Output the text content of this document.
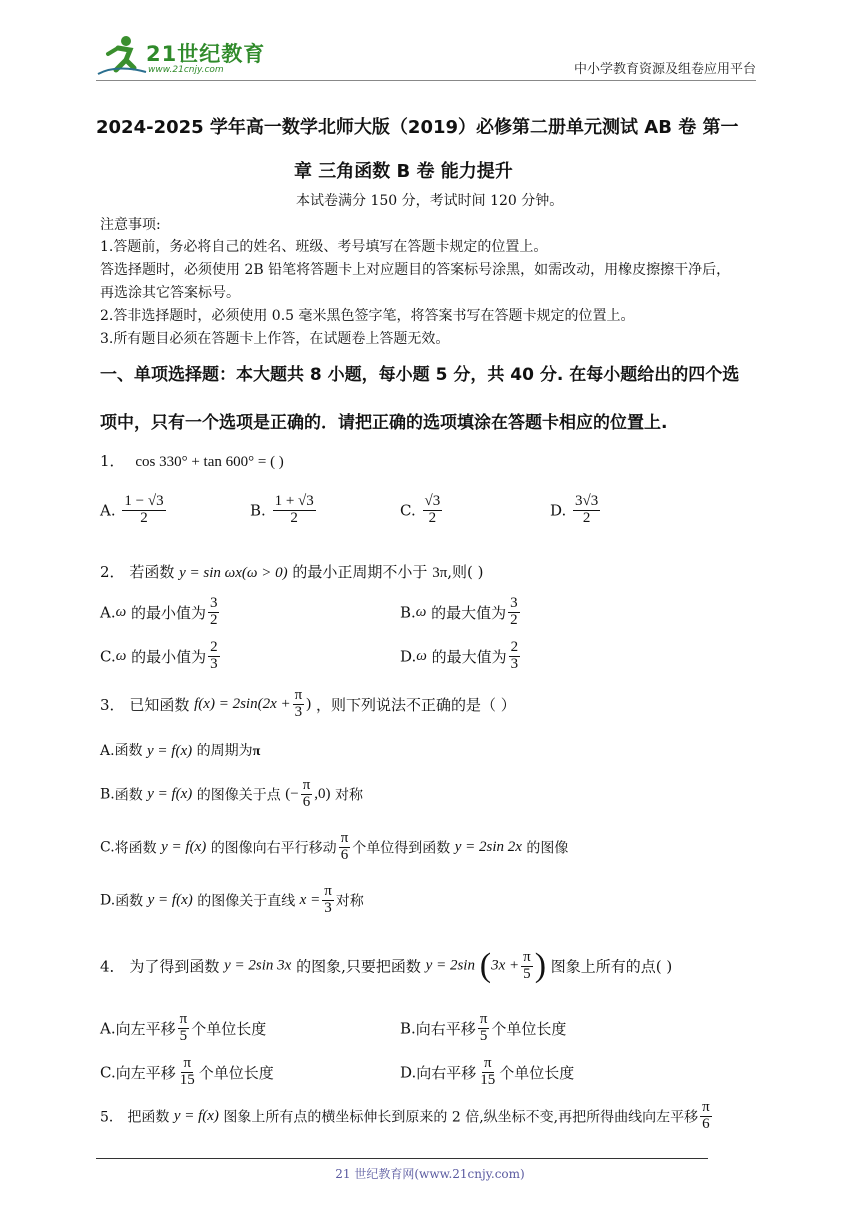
21世纪教育
www.21cnjy.com	中小学教育资源及组卷应用平台
2024-2025 学年高一数学北师大版（2019）必修第二册单元测试 AB 卷 第一
章 三角函数 B 卷 能力提升
本试卷满分 150 分，考试时间 120 分钟。
注意事项:
1.答题前，务必将自己的姓名、班级、考号填写在答题卡规定的位置上。
答选择题时，必须使用 2B 铅笔将答题卡上对应题目的答案标号涂黑，如需改动，用橡皮擦擦干净后，
再选涂其它答案标号。
2.答非选择题时，必须使用 0.5 毫米黑色签字笔，将答案书写在答题卡规定的位置上。
3.所有题目必须在答题卡上作答，在试题卷上答题无效。
一、单项选择题：本大题共 8 小题，每小题 5 分，共 40 分. 在每小题给出的四个选
项中，只有一个选项是正确的．请把正确的选项填涂在答题卡相应的位置上.
1． cos 330° + tan 600° = ( )
A. $\frac{1 - √3}{2}$	B. $\frac{1 + √3}{2}$	C. $\frac{√3}{2}$	D. $\frac{3√3}{2}$
2． 若函数 y = sin ωx(ω > 0) 的最小正周期不小于 3π,则( )
A.ω 的最小值为 $\frac{3}{2}$	B.ω 的最大值为 $\frac{3}{2}$
C.ω 的最小值为 $\frac{2}{3}$	D.ω 的最大值为 $\frac{2}{3}$
3． 已知函数 $f(x) = 2\sin(2x + \frac{\pi}{3}$ ) ，则下列说法不正确的是（ ）
A.函数 y = f(x) 的周期为π
B.函数 y = f(x) 的图像关于点 (− $\frac{\pi}{6} ,0$) 对称
C.将函数 y = f(x) 的图像向右平行移动 $\frac{\pi}{6}$ 个单位得到函数 y = 2sin 2x 的图像
D.函数 y = f(x) 的图像关于直线 $x = \frac{\pi}{3}$ 对称
4． 为了得到函数 y = 2sin 3x 的图象,只要把函数 y = 2sin ($3x + \frac{\pi}{5}$ ) 图象上所有的点( )
A.向左平移 $\frac{\pi}{5}$ 个单位长度	B.向右平移 $\frac{\pi}{5}$ 个单位长度
C.向左平移 $\frac{\pi}{15}$ 个单位长度	D.向右平移 $\frac{\pi}{15}$ 个单位长度
5． 把函数 y = f(x) 图象上所有点的横坐标伸长到原来的 2 倍,纵坐标不变,再把所得曲线向左平移 $\frac{\pi}{6}$
21 世纪教育网(www.21cnjy.com)
